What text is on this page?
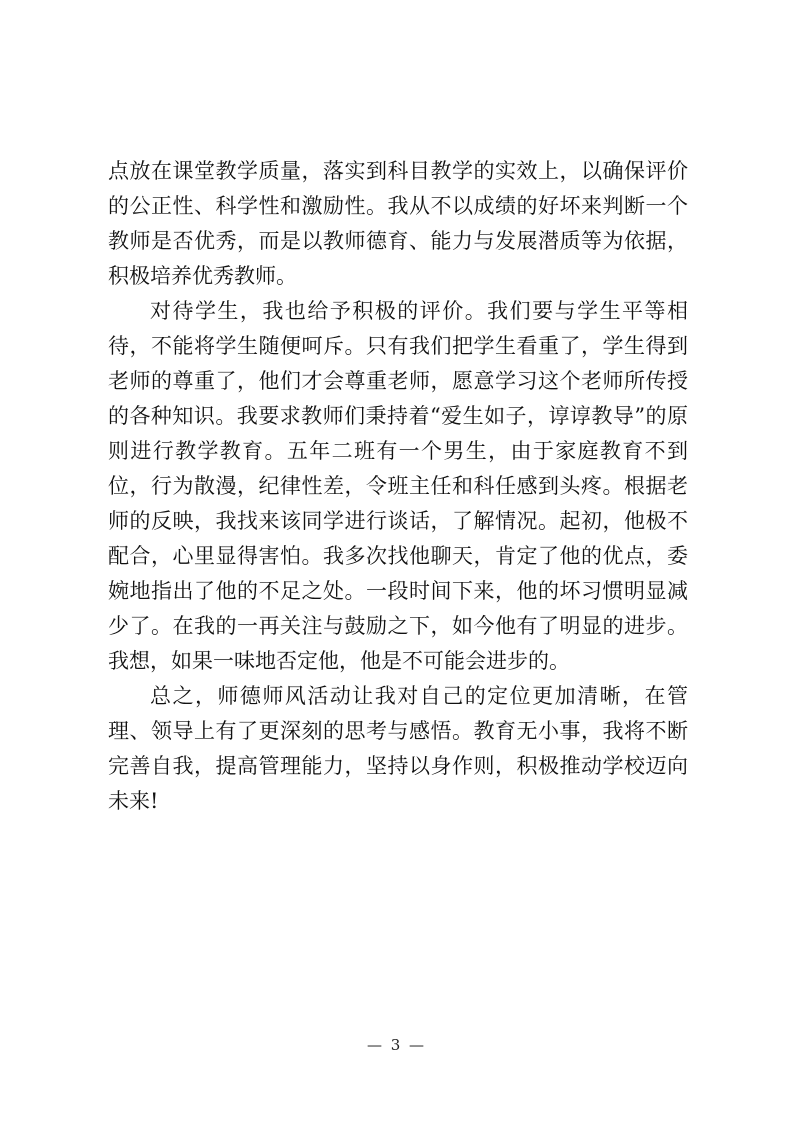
点放在课堂教学质量，落实到科目教学的实效上，以确保评价的公正性、科学性和激励性。我从不以成绩的好坏来判断一个教师是否优秀，而是以教师德育、能力与发展潜质等为依据，积极培养优秀教师。

对待学生，我也给予积极的评价。我们要与学生平等相待，不能将学生随便呵斥。只有我们把学生看重了，学生得到老师的尊重了，他们才会尊重老师，愿意学习这个老师所传授的各种知识。我要求教师们秉持着“爱生如子，谆谆教导”的原则进行教学教育。五年二班有一个男生，由于家庭教育不到位，行为散漫，纪律性差，令班主任和科任感到头疼。根据老师的反映，我找来该同学进行谈话，了解情况。起初，他极不配合，心里显得害怕。我多次找他聊天，肯定了他的优点，委婉地指出了他的不足之处。一段时间下来，他的坏习惯明显减少了。在我的一再关注与鼓励之下，如今他有了明显的进步。我想，如果一味地否定他，他是不可能会进步的。

总之，师德师风活动让我对自己的定位更加清晰，在管理、领导上有了更深刻的思考与感悟。教育无小事，我将不断完善自我，提高管理能力，坚持以身作则，积极推动学校迈向未来!

— 3 —
